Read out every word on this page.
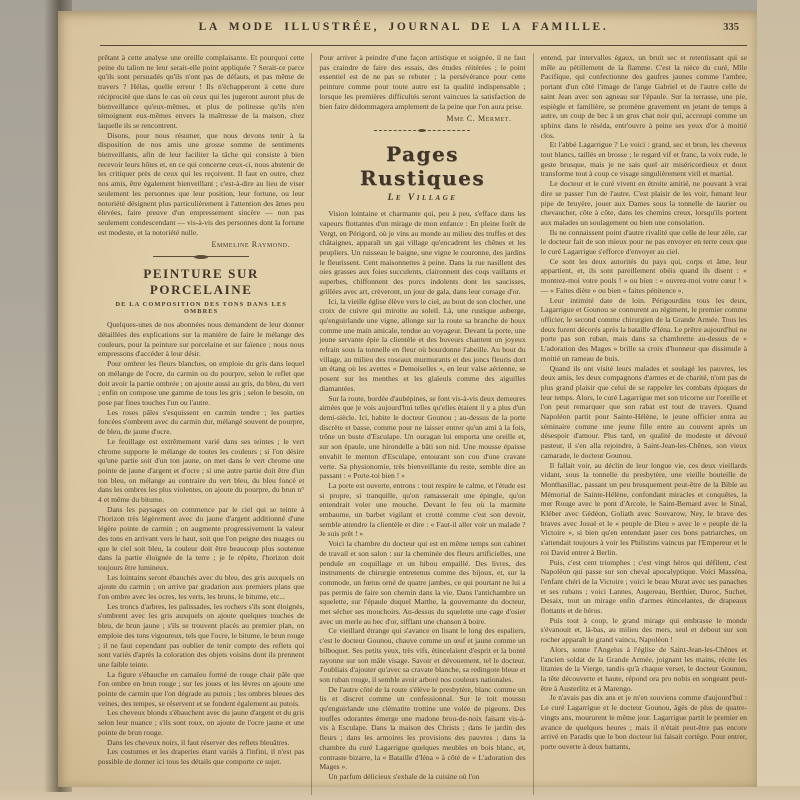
LA MODE ILLUSTRÉE, JOURNAL DE LA FAMILLE.	335

prêtant à cette analyse une oreille complaisante. Et pourquoi cette peine du talion ne leur serait-elle point appliquée ? Serait-ce parce qu'ils sont persuadés qu'ils n'ont pas de défauts, et pas même de travers ? Hélas, quelle erreur ! Ils n'échapperont à cette dure réciprocité que dans le cas où ceux qui les jugeront auront plus de bienveillance qu'eux-mêmes, et plus de politesse qu'ils n'en témoignent eux-mêmes envers la maîtresse de la maison, chez laquelle ils se rencontrent.

Disons, pour nous résumer, que nous devons tenir à la disposition de nos amis une grosse somme de sentiments bienveillants, afin de leur faciliter la tâche qui consiste à bien recevoir leurs hôtes et, en ce qui concerne ceux-ci, nous abstenir de les critiquer près de ceux qui les reçoivent. Il faut en outre, chez nos amis, être également bienveillant ; c'est-à-dire au lieu de viser seulement les personnes que leur position, leur fortune, ou leur notoriété désignent plus particulièrement à l'attention des âmes peu élevées, faire preuve d'un empressement sincère — non pas seulement condescendant — vis-à-vis des personnes dont la fortune est modeste, et la notoriété nulle.

Emmeline Raymond.
PEINTURE SUR PORCELAINE
DE LA COMPOSITION DES TONS DANS LES OMBRES

Quelques-unes de nos abonnées nous demandent de leur donner détaillées des explications sur la manière de faire le mélange des couleurs, pour la peinture sur porcelaine et sur faïence ; nous nous empressons d'accéder à leur désir.

Pour ombrer les fleurs blanches, on emploie du gris dans lequel on mélange de l'ocre, du carmin ou du pourpre, selon le reflet que doit avoir la partie ombrée ; on ajoute aussi au gris, du bleu, du vert ; enfin on compose une gamme de tous les gris ; selon le besoin, on pose par fines touches l'un ou l'autre.

Les roses pâles s'esquissent en carmin tendre ; les parties foncées s'ombrent avec du carmin dur, mélangé souvent de pourpre, de bleu, de jaune d'ocre.

Le feuillage est extrêmement varié dans ses teintes ; le vert chrome supporte le mélange de toutes les couleurs ; si l'on désire qu'une partie soit d'un ton jaune, on met dans le vert chrome une pointe de jaune d'argent et d'ocre ; si une autre partie doit être d'un ton bleu, on mélange au contraire du vert bleu, du bleu foncé et dans les ombres les plus violentes, on ajoute du pourpre, du brun n° 4 et même du bitume.

Dans les paysages on commence par le ciel qui se teinte à l'horizon très légèrement avec du jaune d'argent additionné d'une légère pointe de carmin ; on augmente progressivement la valeur des tons en arrivant vers le haut, soit que l'on peigne des nuages ou que le ciel soit bleu, la couleur doit être beaucoup plus soutenue dans la partie éloignée de la terre ; je le répète, l'horizon doit toujours être lumineux.

Les lointains seront ébauchés avec du bleu, des gris auxquels on ajoute du carmin ; on arrive par gradation aux premiers plans que l'on ombre avec les ocres, les verts, les bruns, le bitume, etc...

Les troncs d'arbres, les palissades, les rochers s'ils sont éloignés, s'ombrent avec les gris auxquels on ajoute quelques touches de bleu, de brun jaune ; s'ils se trouvent placés au premier plan, on emploie des tons vigoureux, tels que l'ocre, le bitume, le brun rouge ; il ne faut cependant pas oublier de tenir compte des reflets qui sont variés d'après la coloration des objets voisins dont ils prennent une faible teinte.

La figure s'ébauche en camaïeu formé de rouge chair pâle que l'on ombre en brun rouge ; sur les joues et les lèvres on ajoute une pointe de carmin que l'on dégrade au putois ; les ombres bleues des veines, des tempes, se réservent et se fondent également au putois.

Les cheveux blonds s'ébauchent avec du jaune d'argent et du gris selon leur nuance ; s'ils sont roux, on ajoute de l'ocre jaune et une pointe de brun rouge.

Dans les cheveux noirs, il faut réserver des reflets bleuâtres.

Les costumes et les draperies étant variés à l'infini, il n'est pas possible de donner ici tous les détails que comporte ce sujet.

Pour arriver à peindre d'une façon artistique et soignée, il ne faut pas craindre de faire des essais, des études réitérées ; le point essentiel est de ne pas se rebuter ; la persévérance pour cette peinture comme pour toute autre est la qualité indispensable ; lorsque les premières difficultés seront vaincues la satisfaction de bien faire dédommagera amplement de la peine que l'on aura prise.

Mme C. Mermet.
Pages Rustiques
Le Village

Vision lointaine et charmante qui, peu à peu, s'efface dans les vapeurs flottantes d'un mirage de mon enfance : En pleine forêt de Vergt, en Périgord, où je vins au monde au milieu des truffes et des châtaignes, apparaît un gai village qu'encadrent les chênes et les peupliers. Un ruisseau le baigne, une vigne le couronne, des jardins le fleurissent. Cent maisonnettes à peine. Dans la rue nasillent des oies grasses aux foies succulents, claironnent des coqs vaillants et superbes, chiffonnent des porcs indolents dont les saucisses, grillées avec art, crèveront, un jour de gala, dans leur corsage d'or.

Ici, la vieille église élève vers le ciel, au bout de son clocher, une croix de cuivre qui miroite au soleil. Là, une rustique auberge, qu'enguirlande une vigne, allonge sur la route sa branche de houx comme une main amicale, tendue au voyageur. Devant la porte, une jeune servante épie la clientèle et des buveurs chantent un joyeux refrain sous la tonnelle en fleur où bourdonne l'abeille. Au bout du village, au milieu des roseaux murmurants et des joncs fleuris dort un étang où les avettes « Demoiselles », en leur valse aérienne, se posent sur les menthes et les glaïeuls comme des aiguilles diamantées.

Sur la route, bordée d'aubépines, se font vis-à-vis deux demeures aimées que je vois aujourd'hui telles qu'elles étaient il y a plus d'un demi-siècle. Ici, habite le docteur Gounou ; au-dessus de la porte discrète et basse, comme pour ne laisser entrer qu'un ami à la fois, trône un buste d'Esculape. Un ouragan lui emporta une oreille et, sur son épaule, une hirondelle a bâti son nid. Une mousse épaisse envahit le menton d'Esculape, entourant son cou d'une cravate verte. Sa physionomie, très bienveillante du reste, semble dire au passant : « Porte-toi bien ! »

La porte est ouverte, entrons : tout respire le calme, et l'étude est si propre, si tranquille, qu'on ramasserait une épingle, qu'on entendrait voler une mouche. Devant le feu où la marmite embaume, un barbet vigilant et crotté comme c'est son devoir, semble attendre la clientèle et dire : « Faut-il aller voir un malade ? Je suis prêt ! »

Voici la chambre du docteur qui est en même temps son cabinet de travail et son salon : sur la cheminée des fleurs artificielles, une pendule en coquillage et un hibou empaillé. Des livres, des instruments de chirurgie entretenus comme des bijoux, et, sur la commode, un fœtus orné de quatre jambes, ce qui pourtant ne lui a pas permis de faire son chemin dans la vie. Dans l'antichambre un squelette, sur l'épaule duquel Marthe, la gouvernante du docteur, met sécher ses mouchoirs. Au-dessus du squelette une cage d'osier avec un merle au bec d'or, sifflant une chanson à boire.

Ce vieillard étrange qui s'avance en lisant le long des espaliers, c'est le docteur Gounou, chauve comme un œuf et jaune comme un bilboquet. Ses petits yeux, très vifs, étincelaient d'esprit et la bonté rayonne sur son mâle visage. Savoir et dévouement, tel le docteur. J'oubliais d'ajouter qu'avec sa cravate blanche, sa redingote bleue et son ruban rouge, il semble avoir arboré nos couleurs nationales.

De l'autre côté de la route s'élève le presbytère, blanc comme un lis et discret comme un confessionnal. Sur le toit moussu qu'enguirlande une clématite trottine une volée de pigeons. Des touffes odorantes émerge une madone brou-de-noix faisant vis-à-vis à Esculape. Dans la maison des Christs ; dans le jardin des fleurs ; dans les armoires les provisions des pauvres ; dans la chambre du curé Lagarrigue quelques meubles en bois blanc, et, contraste bizarre, la « Bataille d'Iéna » à côté de « L'adoration des Mages ».

Un parfum délicieux s'exhale de la cuisine où l'on

entend, par intervalles égaux, un bruit sec et retentissant qui se mêle au pétillement de la flamme. C'est la nièce du curé, Mlle Pacifique, qui confectionne des gaufres jaunes comme l'ambre, portant d'un côté l'image de l'ange Gabriel et de l'autre celle de saint Jean avec son agneau sur l'épaule. Sur la terrasse, une pie, espiègle et familière, se promène gravement en jetant de temps à autre, un coup de bec à un gros chat noir qui, accroupi comme un sphinx dans le réséda, entr'ouvre à peine ses yeux d'or à moitié clos.

Et l'abbé Lagarrigue ? Le voici : grand, sec et brun, les cheveux tout blancs, taillés en brosse ; le regard vif et franc, la voix rude, le geste brusque, mais je ne sais quel air miséricordieux et doux transforme tout à coup ce visage singulièrement viril et martial.

Le docteur et le curé vivent en étroite amitié, ne pouvant à vrai dire se passer l'un de l'autre. C'est plaisir de les voir, fumant leur pipe de bruyère, jouer aux Dames sous la tonnelle de laurier ou chevaucher, côte à côte, dans les chemins creux, lorsqu'ils portent aux malades un soulagement ou bien une consolation.

Ils ne connaissent point d'autre rivalité que celle de leur zèle, car le docteur fait de son mieux pour ne pas envoyer en terre ceux que le curé Lagarrigue s'efforce d'envoyer au ciel.

Ce sont les deux autorités du pays qui, corps et âme, leur appartient, et, ils sont pareillement obéis quand ils disent : « montrez-moi votre pouls ! » ou bien : « ouvrez-moi votre cœur ! » — « Faites diète » ou bien « faites pénitence ».

Leur intimité date de loin. Périgourdins tous les deux, Lagarrigue et Gounou se connurent au régiment, le premier comme officier, le second comme chirurgien de la Grande Armée. Tous les deux furent décorés après la bataille d'Iéna. Le prêtre aujourd'hui ne porte pas son ruban, mais dans sa chambrette au-dessus de « L'adoration des Mages » brille sa croix d'honneur que dissimule à moitié un rameau de buis.

Quand ils ont visité leurs malades et soulagé les pauvres, les deux amis, les deux compagnons d'armes et de charité, n'ont pas de plus grand plaisir que celui de se rappeler les combats épiques de leur temps. Alors, le curé Lagarrigue met son tricorne sur l'oreille et l'on peut remarquer que son rabat est tout de travers. Quand Napoléon partit pour Sainte-Hélène, le jeune officier entra au séminaire comme une jeune fille entre au couvent après un désespoir d'amour. Plus tard, en qualité de modeste et dévoué pasteur, il s'en alla rejoindre, à Saint-Jean-les-Chênes, son vieux camarade, le docteur Gounou.

Il fallait voir, au déclin de leur longue vie, ces deux vieillards vidant, sous la tonnelle du presbytère, une vieille bouteille de Monthasillac, passant un peu brusquement peut-être de la Bible au Mémorial de Sainte-Hélène, confondant miracles et conquêtes, la mer Rouge avec le pont d'Arcole, le Saint-Bernard avec le Sinaï, Kléber avec Gédéon, Goliath avec Souvarow, Ney, le brave des braves avec Josué et le « peuple de Dieu » avec le « peuple de la Victoire », si bien qu'en entendant jaser ces bons patriarches, on s'attendait toujours à voir les Philistins vaincus par l'Empereur et le roi David entrer à Berlin.

Puis, c'est cent triomphes ; c'est vingt héros qui défilent, c'est Napoléon qui passe sur son cheval apocalyptique. Voici Masséna, l'enfant chéri de la Victoire ; voici le beau Murat avec ses panaches et ses rubans ; voici Lannes, Augereau, Berthier, Duroc, Suchet, Desaix, tout un mirage enfin d'armes étincelantes, de drapeaux flottants et de héros.

Puis tout à coup, le grand mirage qui embrasse le monde s'évanouit et, là-bas, au milieu des mers, seul et debout sur son rocher apparaît le grand vaincu, Napoléon !

Alors, sonne l'Angelus à l'église de Saint-Jean-les-Chênes et l'ancien soldat de la Grande Armée, joignant les mains, récite les litanies de la Vierge, tandis qu'à chaque verset, le docteur Gounou, la tête découverte et haute, répond ora pro nobis en songeant peut-être à Austerlitz et à Marengo.

Je n'avais pas dix ans et je m'en souviens comme d'aujourd'hui : Le curé Lagarrigue et le docteur Gounou, âgés de plus de quatre-vingts ans, moururent le même jour. Lagarrigue partit le premier en avance de quelques heures ; mais il n'était peut-être pas encore arrivé en Paradis que le bon docteur lui faisait cortège. Pour entrer, porte ouverte à deux battants,
